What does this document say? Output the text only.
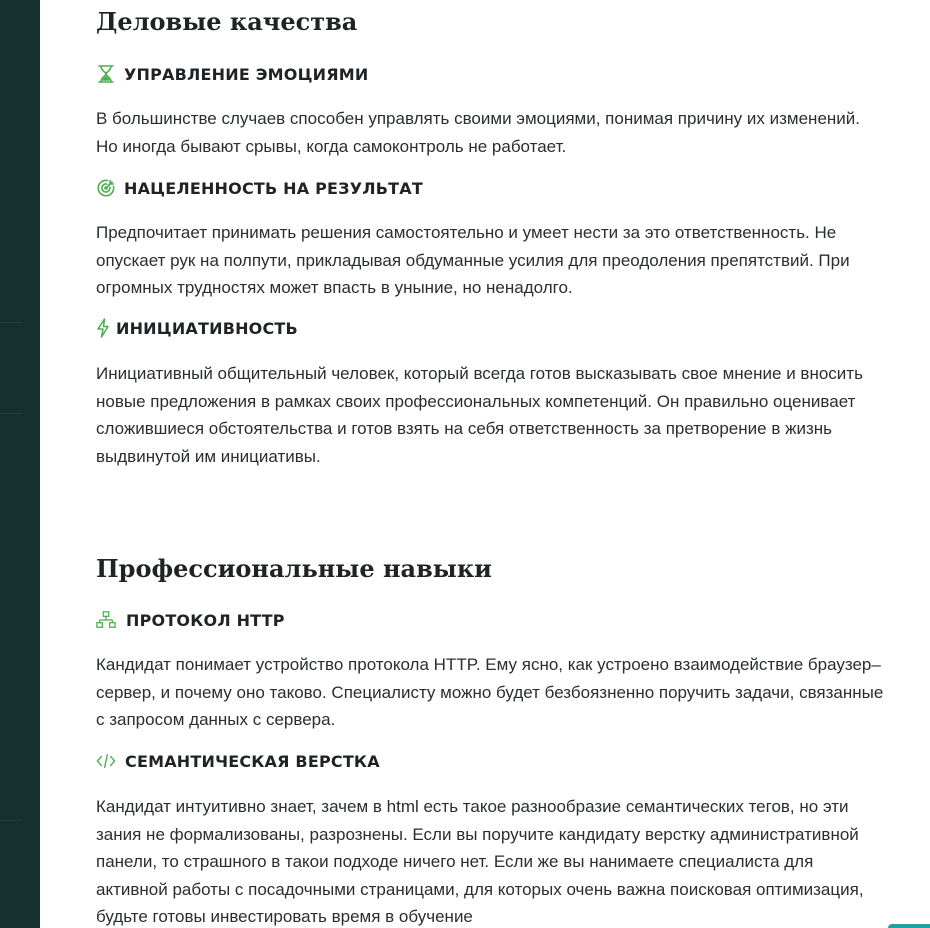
Деловые качества
УПРАВЛЕНИЕ ЭМОЦИЯМИ

В большинстве случаев способен управлять своими эмоциями, понимая причину их изменений. Но иногда бывают срывы, когда самоконтроль не работает.

НАЦЕЛЕННОСТЬ НА РЕЗУЛЬТАТ

Предпочитает принимать решения самостоятельно и умеет нести за это ответственность. Не опускает рук на полпути, прикладывая обдуманные усилия для преодоления препятствий. При огромных трудностях может впасть в уныние, но ненадолго.

ИНИЦИАТИВНОСТЬ

Инициативный общительный человек, который всегда готов высказывать свое мнение и вносить новые предложения в рамках своих профессиональных компетенций. Он правильно оценивает сложившиеся обстоятельства и готов взять на себя ответственность за претворение в жизнь выдвинутой им инициативы.

Профессиональные навыки
ПРОТОКОЛ HTTP

Кандидат понимает устройство протокола HTTP. Ему ясно, как устроено взаимодействие браузер–сервер, и почему оно таково. Специалисту можно будет безбоязненно поручить задачи, связанные с запросом данных с сервера.

СЕМАНТИЧЕСКАЯ ВЕРСТКА

Кандидат интуитивно знает, зачем в html есть такое разнообразие семантических тегов, но эти зания не формализованы, разрознены. Если вы поручите кандидату верстку административной панели, то страшного в такои подходе ничего нет. Если же вы нанимаете специалиста для активной работы с посадочными страницами, для которых очень важна поисковая оптимизация, будьте готовы инвестировать время в обучение
